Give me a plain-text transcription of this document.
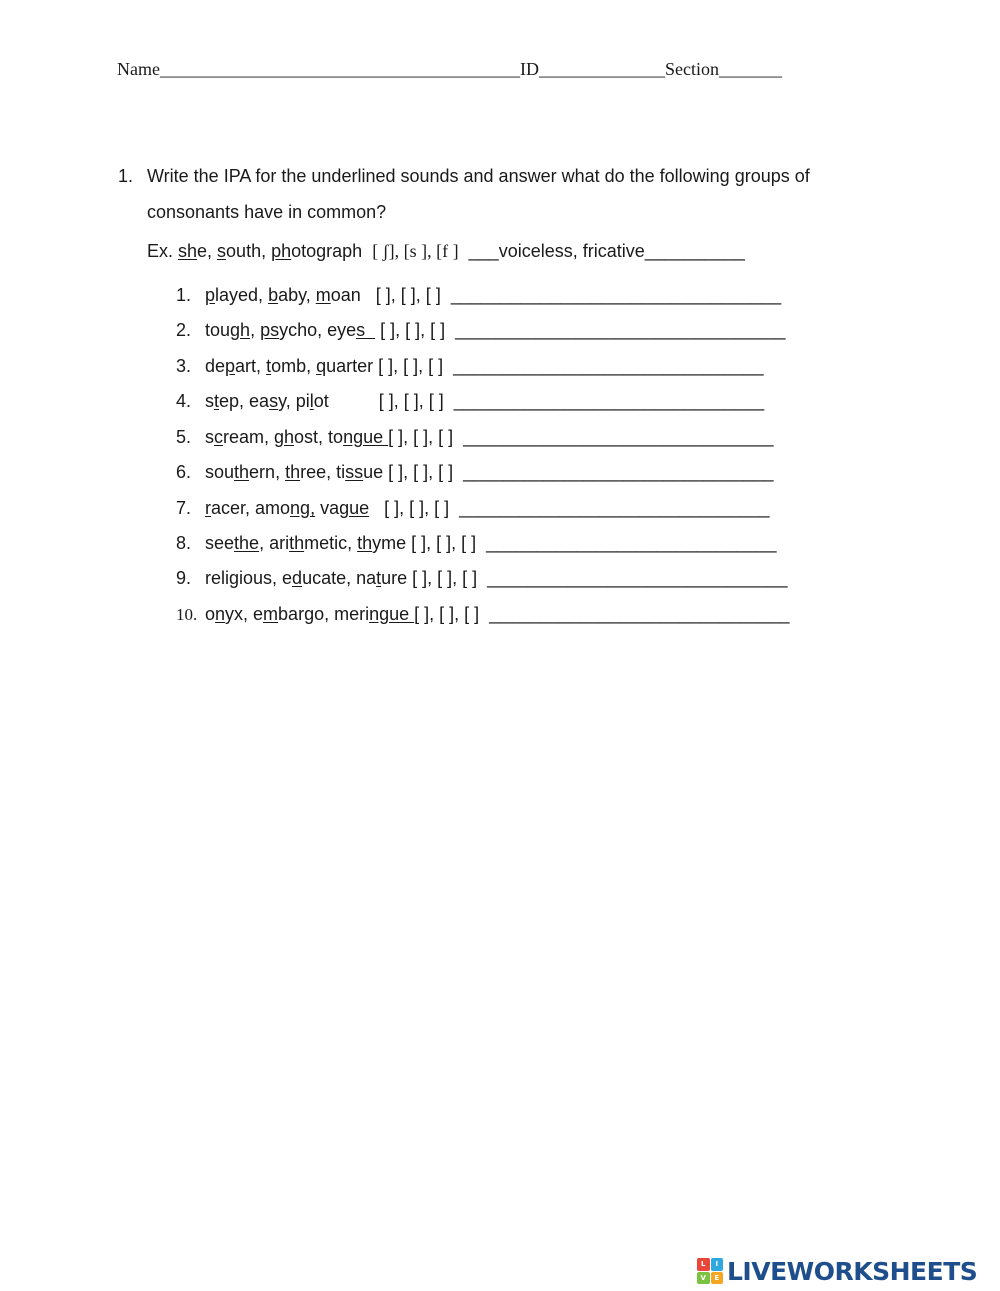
Name________________________________________ID______________Section_______
1. Write the IPA for the underlined sounds and answer what do the following groups of
consonants have in common?
Ex. she, south, photograph  [ ʃ], [s ], [f ]  ___voiceless, fricative__________
1. played, baby, moan   [ ], [ ], [ ]  _________________________________
2. tough, psycho, eyes   [ ], [ ], [ ]  _________________________________
3. depart, tomb, quarter [ ], [ ], [ ]  _______________________________
4. step, easy, pilot          [ ], [ ], [ ]  _______________________________
5. scream, ghost, tongue [ ], [ ], [ ]  _______________________________
6. southern, three, tissue [ ], [ ], [ ]  _______________________________
7. racer, among, vague   [ ], [ ], [ ]  _______________________________
8. seethe, arithmetic, thyme [ ], [ ], [ ]  _____________________________
9. religious, educate, nature [ ], [ ], [ ]  ______________________________
10. onyx, embargo, meringue [ ], [ ], [ ]  ______________________________
L	I
V	E LIVEWORKSHEETS
